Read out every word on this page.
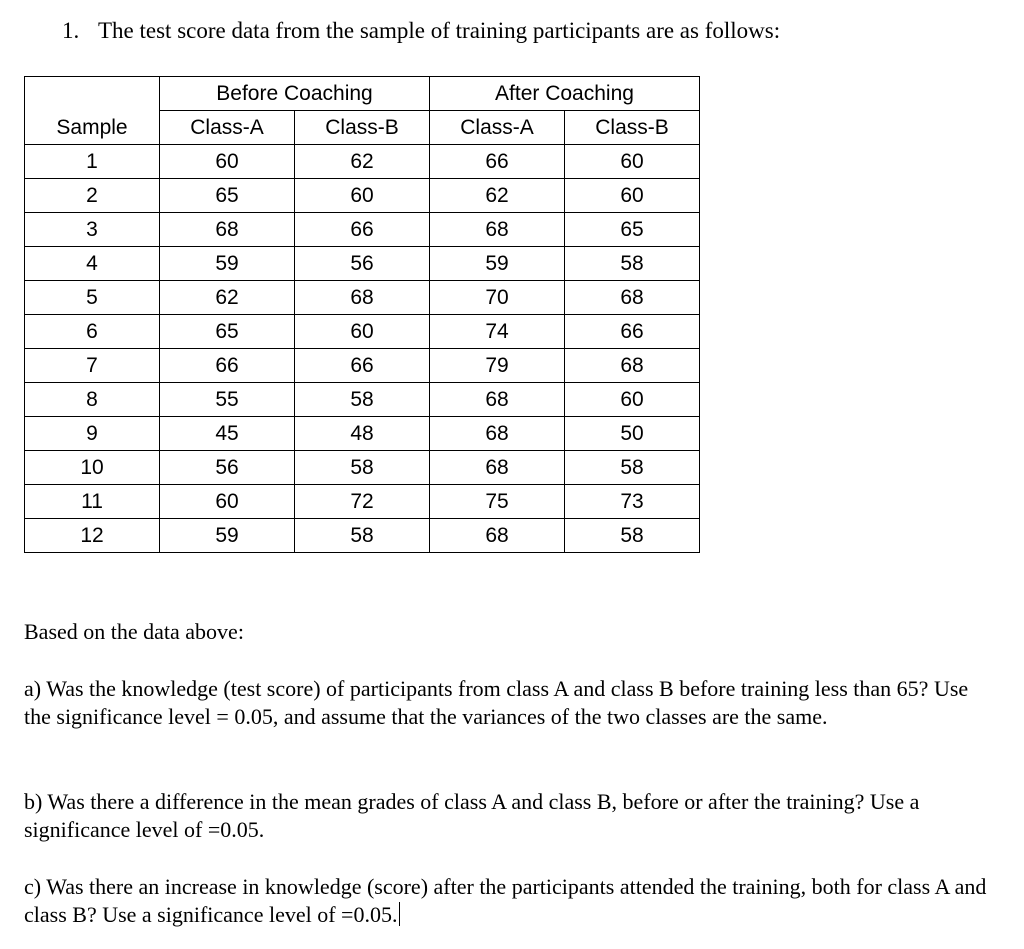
1. The test score data from the sample of training participants are as follows:
	Before Coaching		After Coaching	
Sample	Class-A	Class-B	Class-A	Class-B
1	60	62	66	60
2	65	60	62	60
3	68	66	68	65
4	59	56	59	58
5	62	68	70	68
6	65	60	74	66
7	66	66	79	68
8	55	58	68	60
9	45	48	68	50
10	56	58	68	58
11	60	72	75	73
12	59	58	68	58
Based on the data above:
a) Was the knowledge (test score) of participants from class A and class B before training less than 65? Use the significance level = 0.05, and assume that the variances of the two classes are the same.
b) Was there a difference in the mean grades of class A and class B, before or after the training? Use a significance level of =0.05.
c) Was there an increase in knowledge (score) after the participants attended the training, both for class A and class B? Use a significance level of =0.05.
